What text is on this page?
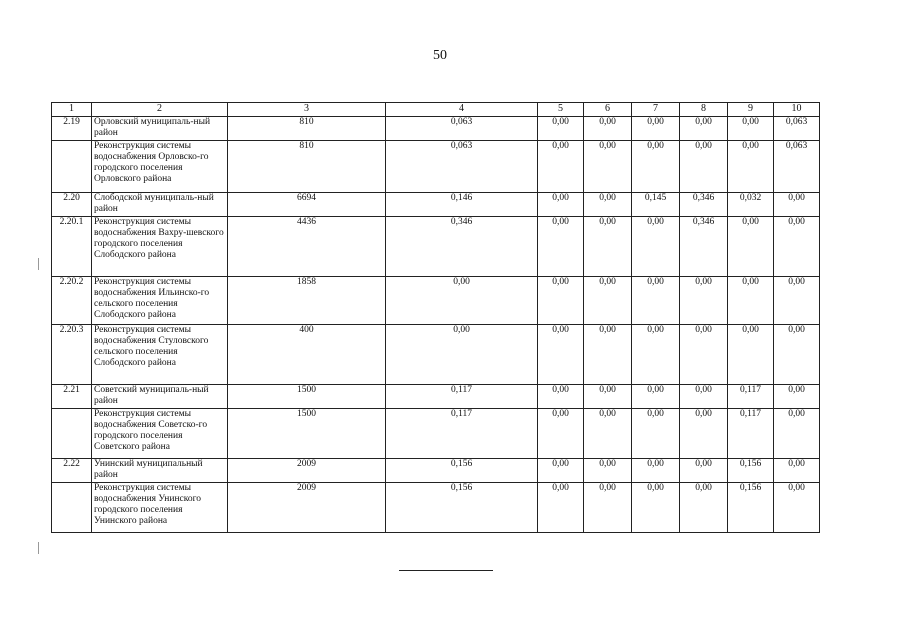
50
1	2	3	4	5	6	7	8	9	10
2.19	Орловский муниципаль-ный район	810	0,063	0,00	0,00	0,00	0,00	0,00	0,063
	Реконструкция системы водоснабжения Орловско-го городского поселения Орловского района	810	0,063	0,00	0,00	0,00	0,00	0,00	0,063
2.20	Слободской муниципаль-ный район	6694	0,146	0,00	0,00	0,145	0,346	0,032	0,00
2.20.1	Реконструкция системы водоснабжения Вахру-шевского городского поселения Слободского района	4436	0,346	0,00	0,00	0,00	0,346	0,00	0,00
2.20.2	Реконструкция системы водоснабжения Ильинско-го сельского поселения Слободского района	1858	0,00	0,00	0,00	0,00	0,00	0,00	0,00
2.20.3	Реконструкция системы водоснабжения Стуловского сельского поселения Слободского района	400	0,00	0,00	0,00	0,00	0,00	0,00	0,00
2.21	Советский муниципаль-ный район	1500	0,117	0,00	0,00	0,00	0,00	0,117	0,00
	Реконструкция системы водоснабжения Советско-го городского поселения Советского района	1500	0,117	0,00	0,00	0,00	0,00	0,117	0,00
2.22	Унинский муниципальный район	2009	0,156	0,00	0,00	0,00	0,00	0,156	0,00
	Реконструкция системы водоснабжения Унинского городского поселения Унинского района	2009	0,156	0,00	0,00	0,00	0,00	0,156	0,00
